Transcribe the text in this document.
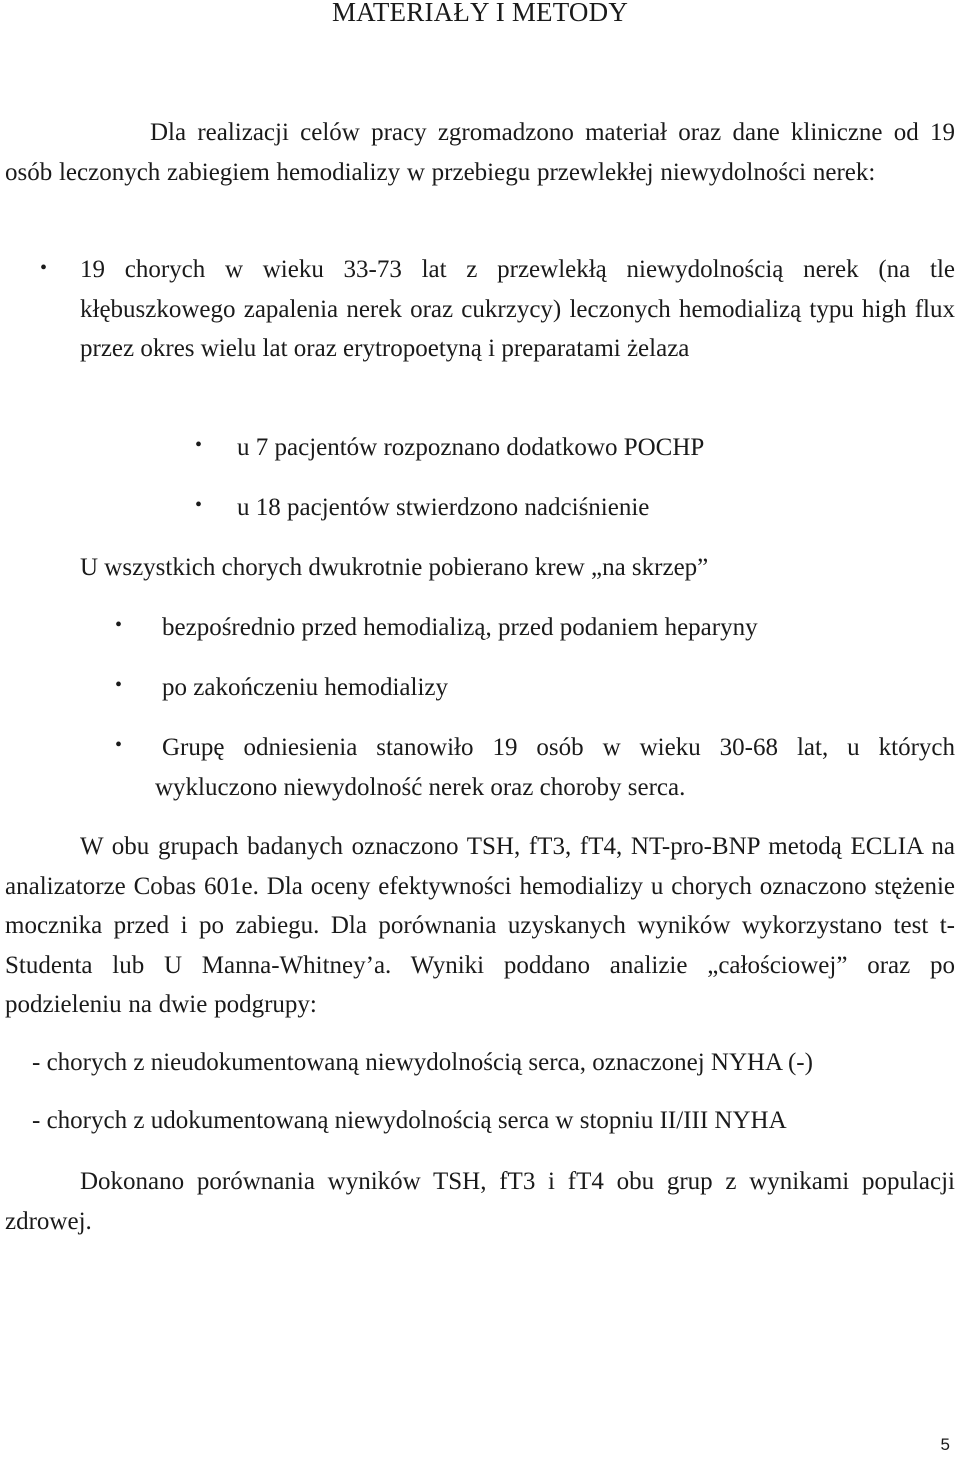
MATERIAŁY I METODY
Dla realizacji celów pracy zgromadzono materiał oraz dane kliniczne od 19 osób leczonych zabiegiem hemodializy w przebiegu przewlekłej niewydolności nerek:
• 19 chorych w wieku 33-73 lat z przewlekłą niewydolnością nerek (na tle kłębuszkowego zapalenia nerek oraz cukrzycy) leczonych hemodializą typu high flux przez okres wielu lat oraz erytropoetyną i preparatami żelaza
• u 7 pacjentów rozpoznano dodatkowo POCHP
• u 18 pacjentów stwierdzono nadciśnienie
U wszystkich chorych dwukrotnie pobierano krew „na skrzep”
• bezpośrednio przed hemodializą, przed podaniem heparyny
• po zakończeniu hemodializy
• Grupę odniesienia stanowiło 19 osób w wieku 30-68 lat, u których wykluczono niewydolność nerek oraz choroby serca.
W obu grupach badanych oznaczono TSH, fT3, fT4, NT-pro-BNP metodą ECLIA na analizatorze Cobas 601e. Dla oceny efektywności hemodializy u chorych oznaczono stężenie mocznika przed i po zabiegu. Dla porównania uzyskanych wyników wykorzystano test t-Studenta lub U Manna-Whitney’a. Wyniki poddano analizie „całościowej” oraz po podzieleniu na dwie podgrupy:
- chorych z nieudokumentowaną niewydolnością serca, oznaczonej NYHA (-)
- chorych z udokumentowaną niewydolnością serca w stopniu II/III NYHA
Dokonano porównania wyników TSH, fT3 i fT4 obu grup z wynikami populacji zdrowej.
5
